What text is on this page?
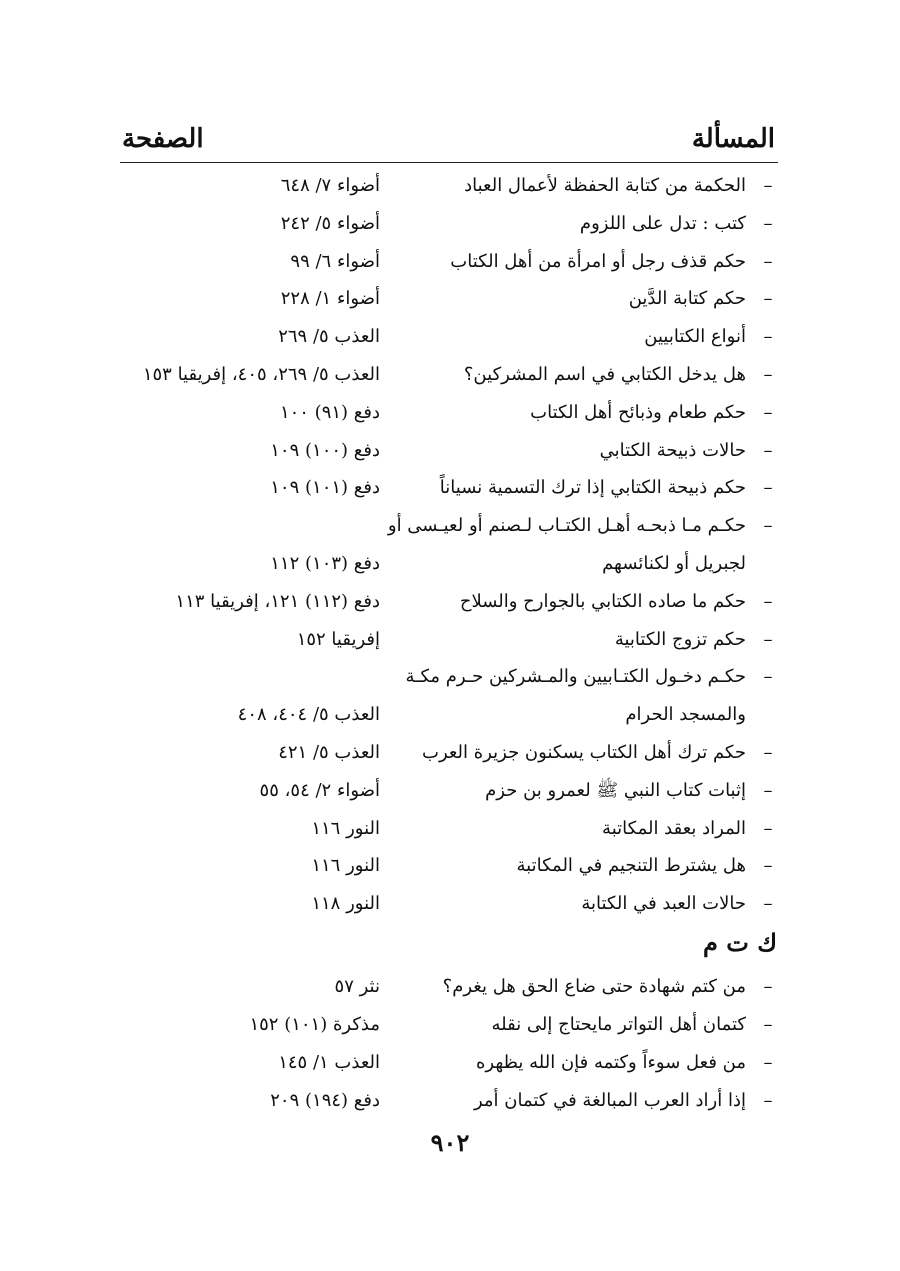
المسألة
الصفحة
–
الحكمة من كتابة الحفظة لأعمال العباد
أضواء ٧/ ٦٤٨
–
كتب : تدل على اللزوم
أضواء ٥/ ٢٤٢
–
حكم قذف رجل أو امرأة من أهل الكتاب
أضواء ٦/ ٩٩
–
حكم كتابة الدَّين
أضواء ١/ ٢٢٨
–
أنواع الكتابيين
العذب ٥/ ٢٦٩
–
هل يدخل الكتابي في اسم المشركين؟
العذب ٥/ ٢٦٩، ٤٠٥، إفريقيا ١٥٣
–
حكم طعام وذبائح أهل الكتاب
دفع (٩١) ١٠٠
–
حالات ذبيحة الكتابي
دفع (١٠٠) ١٠٩
–
حكم ذبيحة الكتابي إذا ترك التسمية نسياناً
دفع (١٠١) ١٠٩
–
حكـم مـا ذبحـه أهـل الكتـاب لـصنم أو لعيـسى أو
لجبريل أو لكنائسهم
دفع (١٠٣) ١١٢
–
حكم ما صاده الكتابي بالجوارح والسلاح
دفع (١١٢) ١٢١، إفريقيا ١١٣
–
حكم تزوج الكتابية
إفريقيا ١٥٢
–
حكـم دخـول الكتـابيين والمـشركين حـرم مكـة
والمسجد الحرام
العذب ٥/ ٤٠٤، ٤٠٨
–
حكم ترك أهل الكتاب يسكنون جزيرة العرب
العذب ٥/ ٤٢١
–
إثبات كتاب النبي ﷺ لعمرو بن حزم
أضواء ٢/ ٥٤، ٥٥
–
المراد بعقد المكاتبة
النور ١١٦
–
هل يشترط التنجيم في المكاتبة
النور ١١٦
–
حالات العبد في الكتابة
النور ١١٨
ك ت م
–
من كتم شهادة حتى ضاع الحق هل يغرم؟
نثر ٥٧
–
كتمان أهل التواتر مايحتاج إلى نقله
مذكرة (١٠١) ١٥٢
–
من فعل سوءاً وكتمه فإن الله يظهره
العذب ١/ ١٤٥
–
إذا أراد العرب المبالغة في كتمان أمر
دفع (١٩٤) ٢٠٩
٩٠٢
